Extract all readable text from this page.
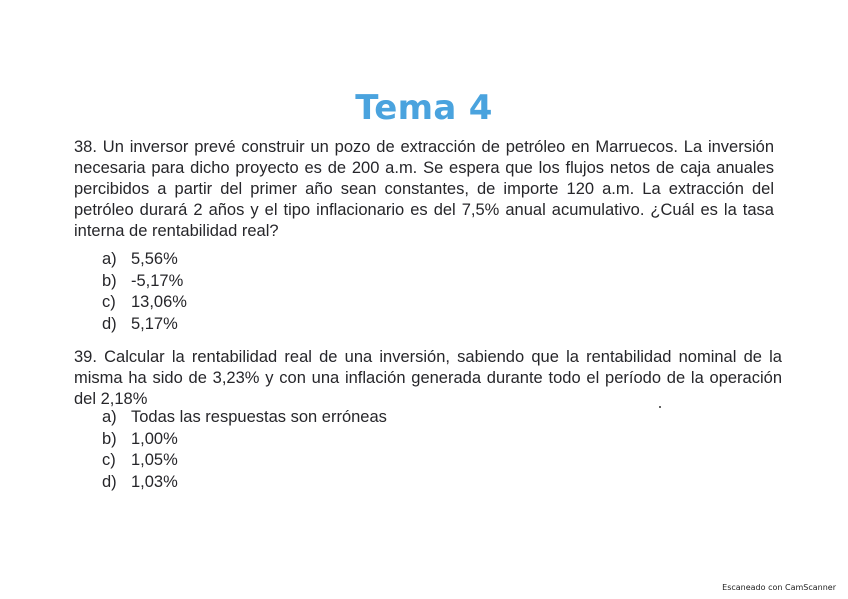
Tema 4
38. Un inversor prevé construir un pozo de extracción de petróleo en Marruecos. La inversión
necesaria para dicho proyecto es de 200 a.m. Se espera que los flujos netos de caja anuales
percibidos a partir del primer año sean constantes, de importe 120 a.m. La extracción del
petróleo durará 2 años y el tipo inflacionario es del 7,5% anual acumulativo. ¿Cuál es la tasa
interna de rentabilidad real?
a) 5,56%
b) -5,17%
c) 13,06%
d) 5,17%
39. Calcular la rentabilidad real de una inversión, sabiendo que la rentabilidad nominal de la
misma ha sido de 3,23% y con una inflación generada durante todo el período de la operación
del 2,18%
a) Todas las respuestas son erróneas
b) 1,00%
c) 1,05%
d) 1,03%
Escaneado con CamScanner
